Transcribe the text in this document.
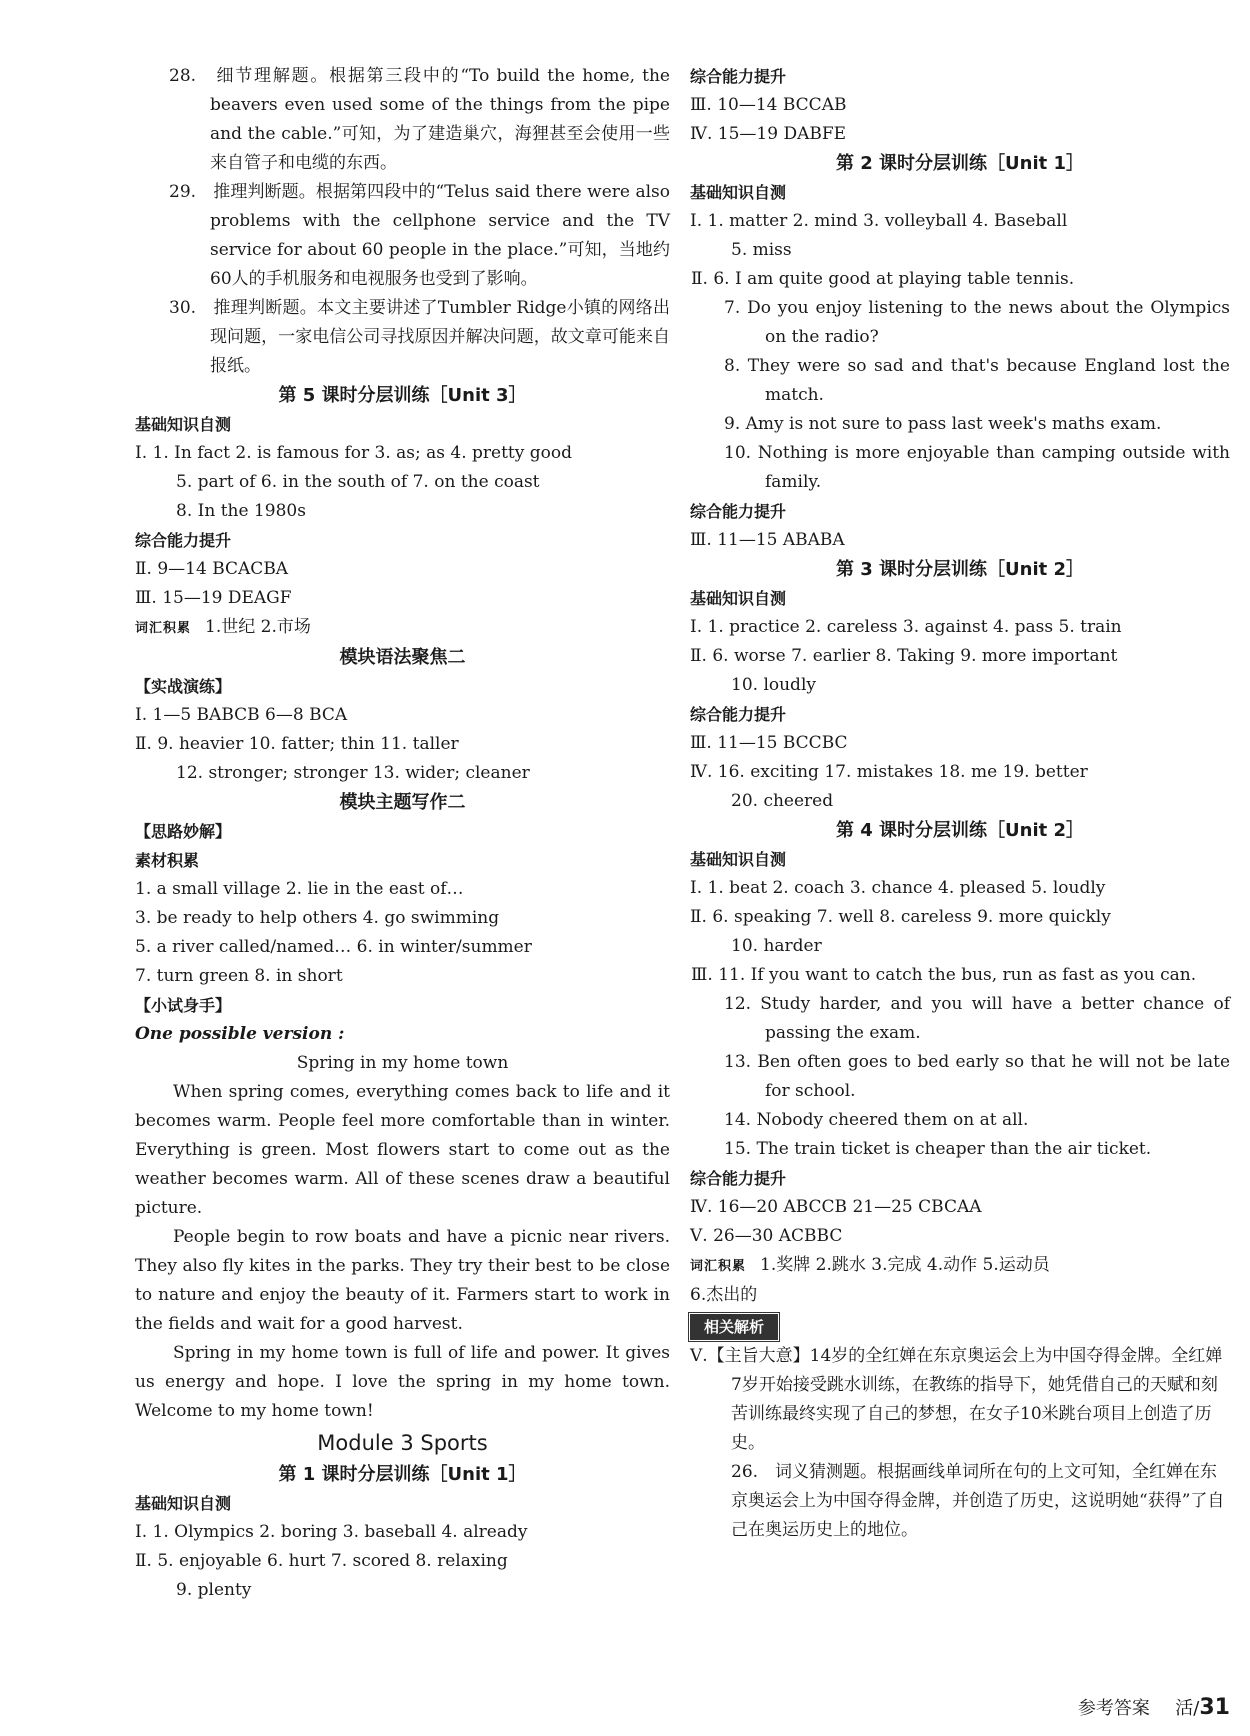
28.　细节理解题。根据第三段中的“To build the home, the beavers even used some of the things from the pipe and the cable.”可知，为了建造巢穴，海狸甚至会使用一些来自管子和电缆的东西。

29.　推理判断题。根据第四段中的“Telus said there were also problems with the cellphone service and the TV service for about 60 people in the place.”可知，当地约60人的手机服务和电视服务也受到了影响。

30.　推理判断题。本文主要讲述了Tumbler Ridge小镇的网络出现问题，一家电信公司寻找原因并解决问题，故文章可能来自报纸。

第 5 课时分层训练［Unit 3］

基础知识自测

Ⅰ. 1. In fact 2. is famous for 3. as; as 4. pretty good

5. part of 6. in the south of 7. on the coast

8. In the 1980s

综合能力提升

Ⅱ. 9—14 BCACBA

Ⅲ. 15—19 DEAGF

词汇积累 1.世纪 2.市场

模块语法聚焦二

【实战演练】

Ⅰ. 1—5 BABCB 6—8 BCA

Ⅱ. 9. heavier 10. fatter; thin 11. taller

12. stronger; stronger 13. wider; cleaner

模块主题写作二

【思路妙解】

素材积累

1. a small village 2. lie in the east of…

3. be ready to help others 4. go swimming

5. a river called/named… 6. in winter/summer

7. turn green 8. in short

【小试身手】

One possible version :

Spring in my home town

When spring comes, everything comes back to life and it becomes warm. People feel more comfortable than in winter. Everything is green. Most flowers start to come out as the weather becomes warm. All of these scenes draw a beautiful picture.

People begin to row boats and have a picnic near rivers. They also fly kites in the parks. They try their best to be close to nature and enjoy the beauty of it. Farmers start to work in the fields and wait for a good harvest.

Spring in my home town is full of life and power. It gives us energy and hope. I love the spring in my home town. Welcome to my home town!

Module 3 Sports

第 1 课时分层训练［Unit 1］

基础知识自测

Ⅰ. 1. Olympics 2. boring 3. baseball 4. already

Ⅱ. 5. enjoyable 6. hurt 7. scored 8. relaxing

9. plenty

综合能力提升

Ⅲ. 10—14 BCCAB

Ⅳ. 15—19 DABFE

第 2 课时分层训练［Unit 1］

基础知识自测

Ⅰ. 1. matter 2. mind 3. volleyball 4. Baseball

5. miss

Ⅱ. 6. I am quite good at playing table tennis.

7. Do you enjoy listening to the news about the Olympics on the radio?

8. They were so sad and that's because England lost the match.

9. Amy is not sure to pass last week's maths exam.

10. Nothing is more enjoyable than camping outside with family.

综合能力提升

Ⅲ. 11—15 ABABA

第 3 课时分层训练［Unit 2］

基础知识自测

Ⅰ. 1. practice 2. careless 3. against 4. pass 5. train

Ⅱ. 6. worse 7. earlier 8. Taking 9. more important

10. loudly

综合能力提升

Ⅲ. 11—15 BCCBC

Ⅳ. 16. exciting 17. mistakes 18. me 19. better

20. cheered

第 4 课时分层训练［Unit 2］

基础知识自测

Ⅰ. 1. beat 2. coach 3. chance 4. pleased 5. loudly

Ⅱ. 6. speaking 7. well 8. careless 9. more quickly

10. harder

Ⅲ. 11. If you want to catch the bus, run as fast as you can.

12. Study harder, and you will have a better chance of passing the exam.

13. Ben often goes to bed early so that he will not be late for school.

14. Nobody cheered them on at all.

15. The train ticket is cheaper than the air ticket.

综合能力提升

Ⅳ. 16—20 ABCCB 21—25 CBCAA

Ⅴ. 26—30 ACBBC

词汇积累 1.奖牌 2.跳水 3.完成 4.动作 5.运动员

6.杰出的

相关解析

Ⅴ.【主旨大意】14岁的全红婵在东京奥运会上为中国夺得金牌。全红婵7岁开始接受跳水训练，在教练的指导下，她凭借自己的天赋和刻苦训练最终实现了自己的梦想，在女子10米跳台项目上创造了历史。

26.　词义猜测题。根据画线单词所在句的上文可知，全红婵在东京奥运会上为中国夺得金牌，并创造了历史，这说明她“获得”了自己在奥运历史上的地位。

参考答案 活/31
